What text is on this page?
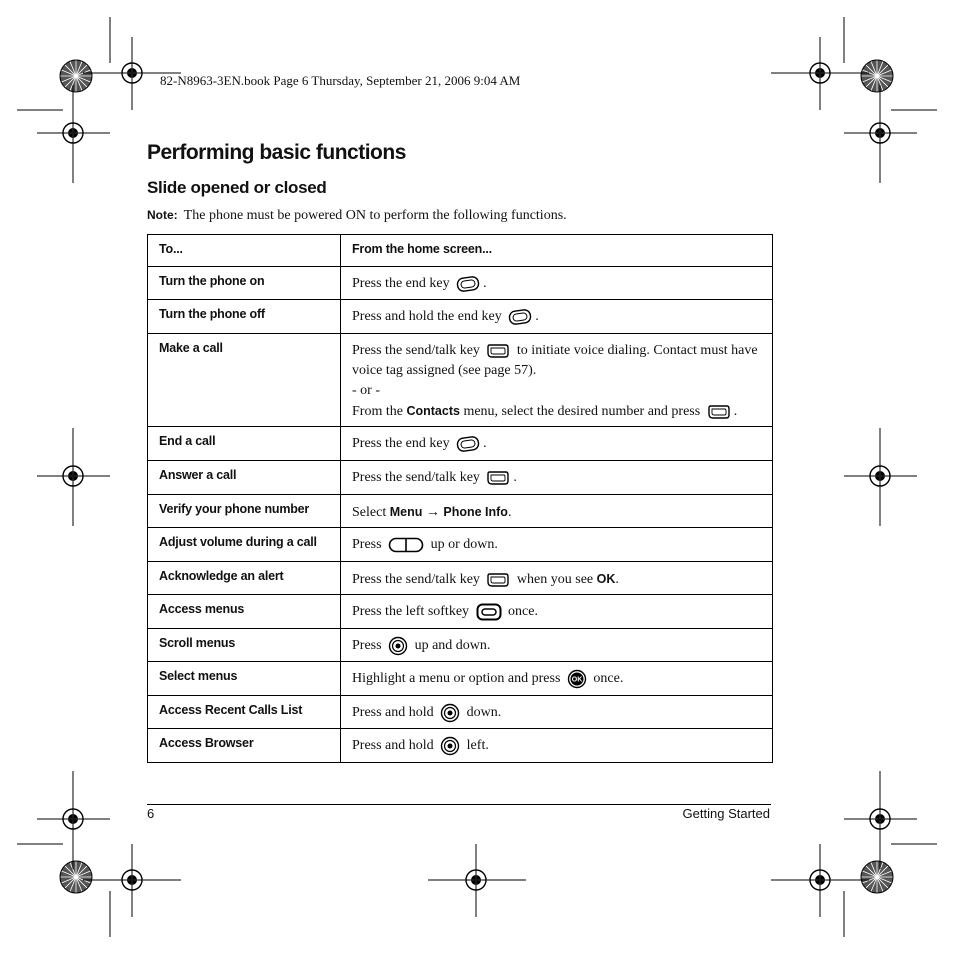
82-N8963-3EN.book Page 6 Thursday, September 21, 2006 9:04 AM
Performing basic functions
Slide opened or closed
Note: The phone must be powered ON to perform the following functions.
To...	From the home screen...

Turn the phone on	Press the end key .

Turn the phone off	Press and hold the end key .

Make a call	Press the send/talk key to initiate voice dialing. Contact must have voice tag assigned (see page 57).
- or -
From the Contacts menu, select the desired number and press .

End a call	Press the end key .

Answer a call	Press the send/talk key .

Verify your phone number	Select Menu → Phone Info.

Adjust volume during a call	Press up or down.

Acknowledge an alert	Press the send/talk key when you see OK.

Access menus	Press the left softkey once.

Scroll menus	Press up and down.

Select menus	Highlight a menu or option and press OK once.

Access Recent Calls List	Press and hold down.

Access Browser	Press and hold left.
6	Getting Started
